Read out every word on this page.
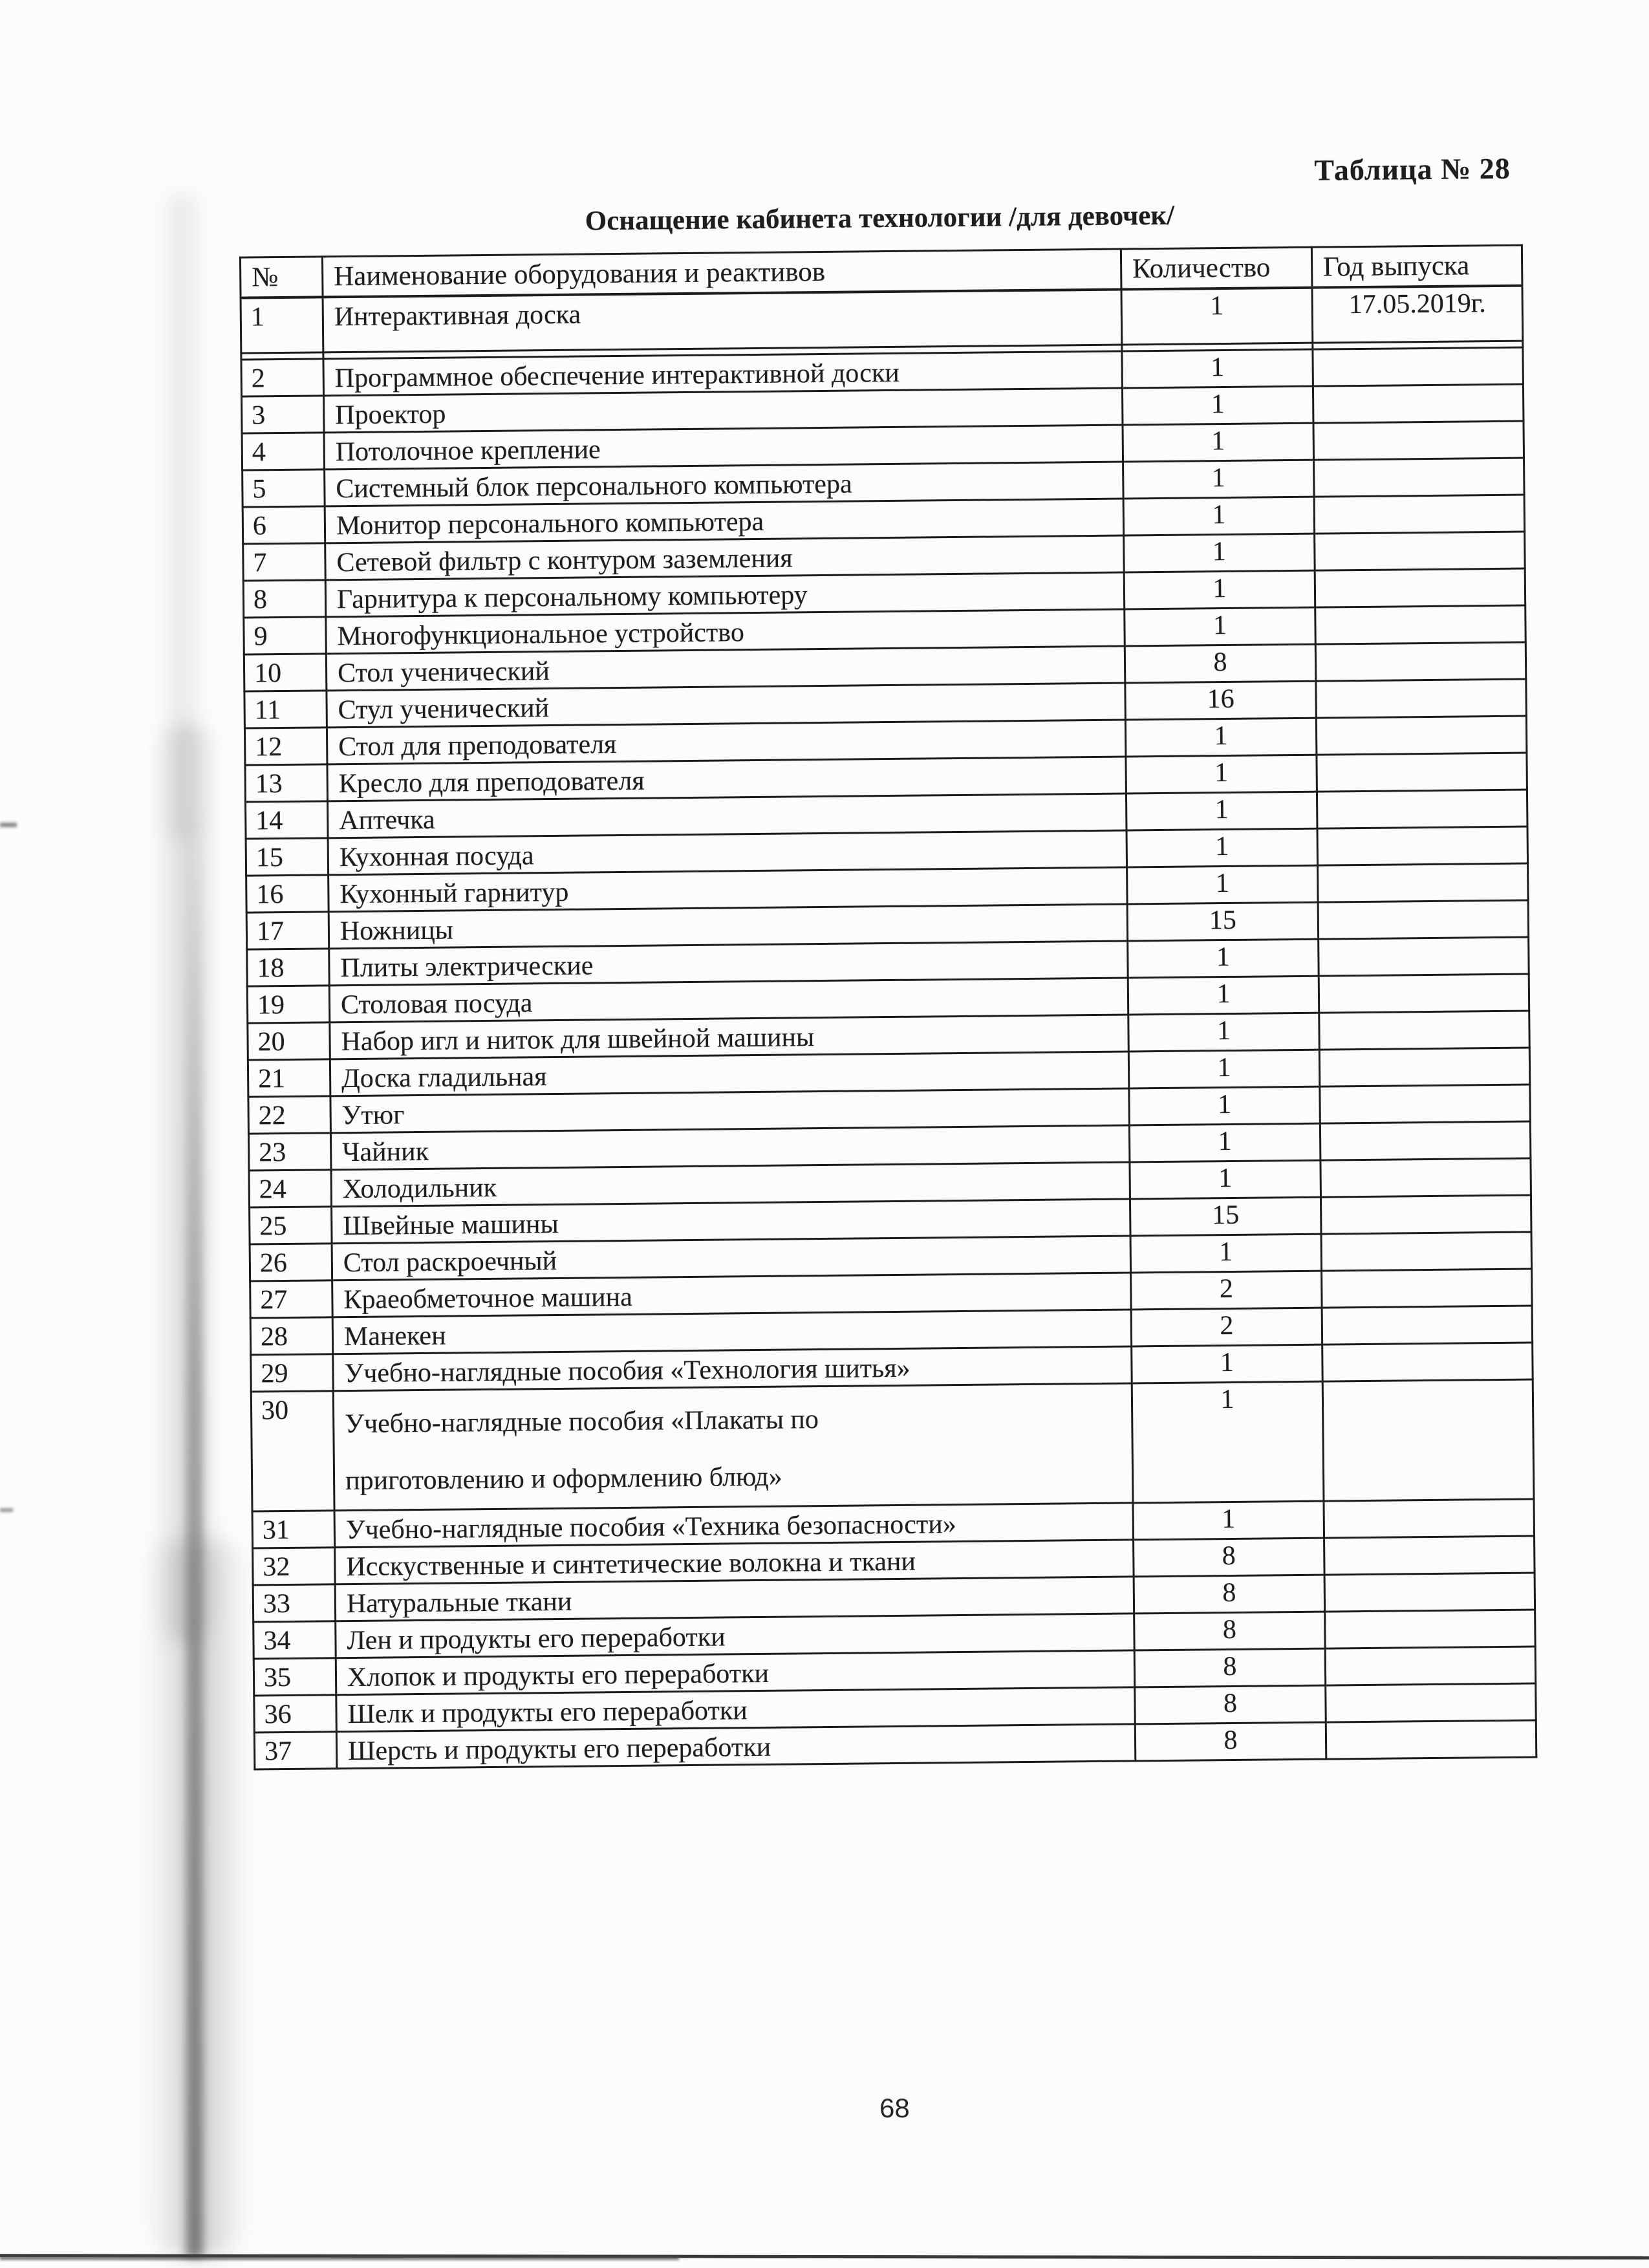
Таблица № 28
Оснащение кабинета технологии /для девочек/
№	Наименование оборудования и реактивов	Количество	Год выпуска
1	Интерактивная доска	1	17.05.2019г.

2	Программное обеспечение интерактивной доски	1	
3	Проектор	1	
4	Потолочное крепление	1	
5	Системный блок персонального компьютера	1	
6	Монитор персонального компьютера	1	
7	Сетевой фильтр с контуром заземления	1	
8	Гарнитура к персональному компьютеру	1	
9	Многофункциональное устройство	1	
10	Стол ученический	8	
11	Стул ученический	16	
12	Стол для преподователя	1	
13	Кресло для преподователя	1	
14	Аптечка	1	
15	Кухонная посуда	1	
16	Кухонный гарнитур	1	
17	Ножницы	15	
18	Плиты электрические	1	
19	Столовая посуда	1	
20	Набор игл и ниток для швейной машины	1	
21	Доска гладильная	1	
22	Утюг	1	
23	Чайник	1	
24	Холодильник	1	
25	Швейные машины	15	
26	Стол раскроечный	1	
27	Краеобметочное машина	2	
28	Манекен	2	
29	Учебно-наглядные пособия «Технология шитья»	1	
30	Учебно-наглядные пособия «Плакаты по
приготовлению и оформлению блюд»	1	
31	Учебно-наглядные пособия «Техника безопасности»	1	
32	Исскуственные и синтетические волокна и ткани	8	
33	Натуральные ткани	8	
34	Лен и продукты его переработки	8	
35	Хлопок и продукты его переработки	8	
36	Шелк и продукты его переработки	8	
37	Шерсть и продукты его переработки	8	
68
